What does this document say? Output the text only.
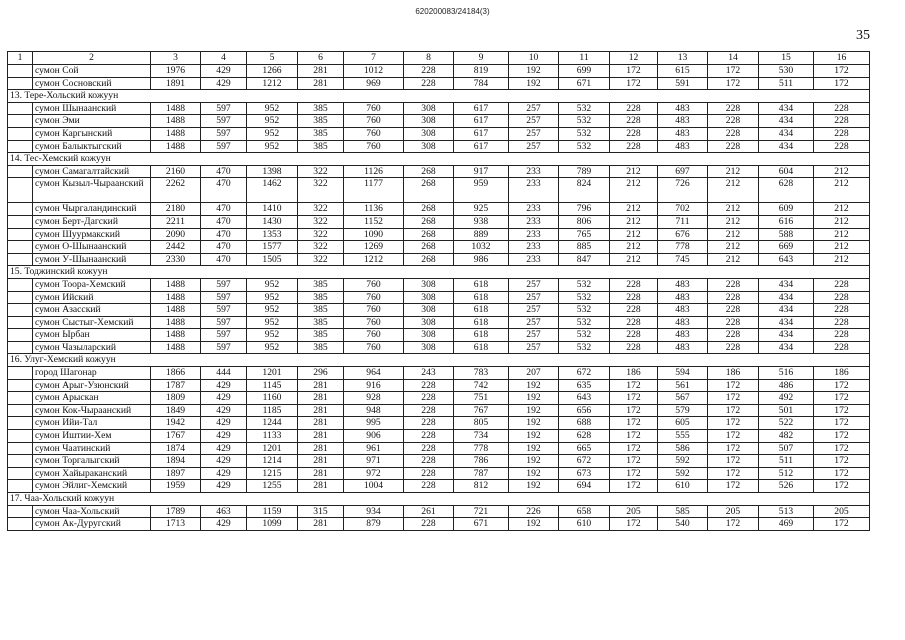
620200083/24184(3)
35
1	2	3	4	5	6	7	8	9	10	11	12	13	14	15	16
	сумон Сой	1976	429	1266	281	1012	228	819	192	699	172	615	172	530	172
	сумон Сосновский	1891	429	1212	281	969	228	784	192	671	172	591	172	511	172
13. Тере-Хольский кожуун															
	сумон Шынаанский	1488	597	952	385	760	308	617	257	532	228	483	228	434	228
	сумон Эми	1488	597	952	385	760	308	617	257	532	228	483	228	434	228
	сумон Каргынский	1488	597	952	385	760	308	617	257	532	228	483	228	434	228
	сумон Балыктыгский	1488	597	952	385	760	308	617	257	532	228	483	228	434	228
14. Тес-Хемский кожуун															
	сумон Самагалтайский	2160	470	1398	322	1126	268	917	233	789	212	697	212	604	212
	сумон Кызыл-Чыраанский	2262	470	1462	322	1177	268	959	233	824	212	726	212	628	212
	сумон Чыргаландинский	2180	470	1410	322	1136	268	925	233	796	212	702	212	609	212
	сумон Берт-Дагский	2211	470	1430	322	1152	268	938	233	806	212	711	212	616	212
	сумон Шуурмакский	2090	470	1353	322	1090	268	889	233	765	212	676	212	588	212
	сумон О-Шынаанский	2442	470	1577	322	1269	268	1032	233	885	212	778	212	669	212
	сумон У-Шынаанский	2330	470	1505	322	1212	268	986	233	847	212	745	212	643	212
15. Тоджинский кожуун															
	сумон Тоора-Хемский	1488	597	952	385	760	308	618	257	532	228	483	228	434	228
	сумон Ийский	1488	597	952	385	760	308	618	257	532	228	483	228	434	228
	сумон Азасский	1488	597	952	385	760	308	618	257	532	228	483	228	434	228
	сумон Сыстыг-Хемский	1488	597	952	385	760	308	618	257	532	228	483	228	434	228
	сумон Ырбан	1488	597	952	385	760	308	618	257	532	228	483	228	434	228
	сумон Чазыларский	1488	597	952	385	760	308	618	257	532	228	483	228	434	228
16. Улуг-Хемский кожуун															
	город Шагонар	1866	444	1201	296	964	243	783	207	672	186	594	186	516	186
	сумон Арыг-Узюнский	1787	429	1145	281	916	228	742	192	635	172	561	172	486	172
	сумон Арыскан	1809	429	1160	281	928	228	751	192	643	172	567	172	492	172
	сумон Кок-Чыраанский	1849	429	1185	281	948	228	767	192	656	172	579	172	501	172
	сумон Ийи-Тал	1942	429	1244	281	995	228	805	192	688	172	605	172	522	172
	сумон Иштии-Хем	1767	429	1133	281	906	228	734	192	628	172	555	172	482	172
	сумон Чаатинский	1874	429	1201	281	961	228	778	192	665	172	586	172	507	172
	сумон Торгалыгский	1894	429	1214	281	971	228	786	192	672	172	592	172	511	172
	сумон Хайыраканский	1897	429	1215	281	972	228	787	192	673	172	592	172	512	172
	сумон Эйлиг-Хемский	1959	429	1255	281	1004	228	812	192	694	172	610	172	526	172
17. Чаа-Хольский кожуун															
	сумон Чаа-Хольский	1789	463	1159	315	934	261	721	226	658	205	585	205	513	205
	сумон Ак-Дуругский	1713	429	1099	281	879	228	671	192	610	172	540	172	469	172
